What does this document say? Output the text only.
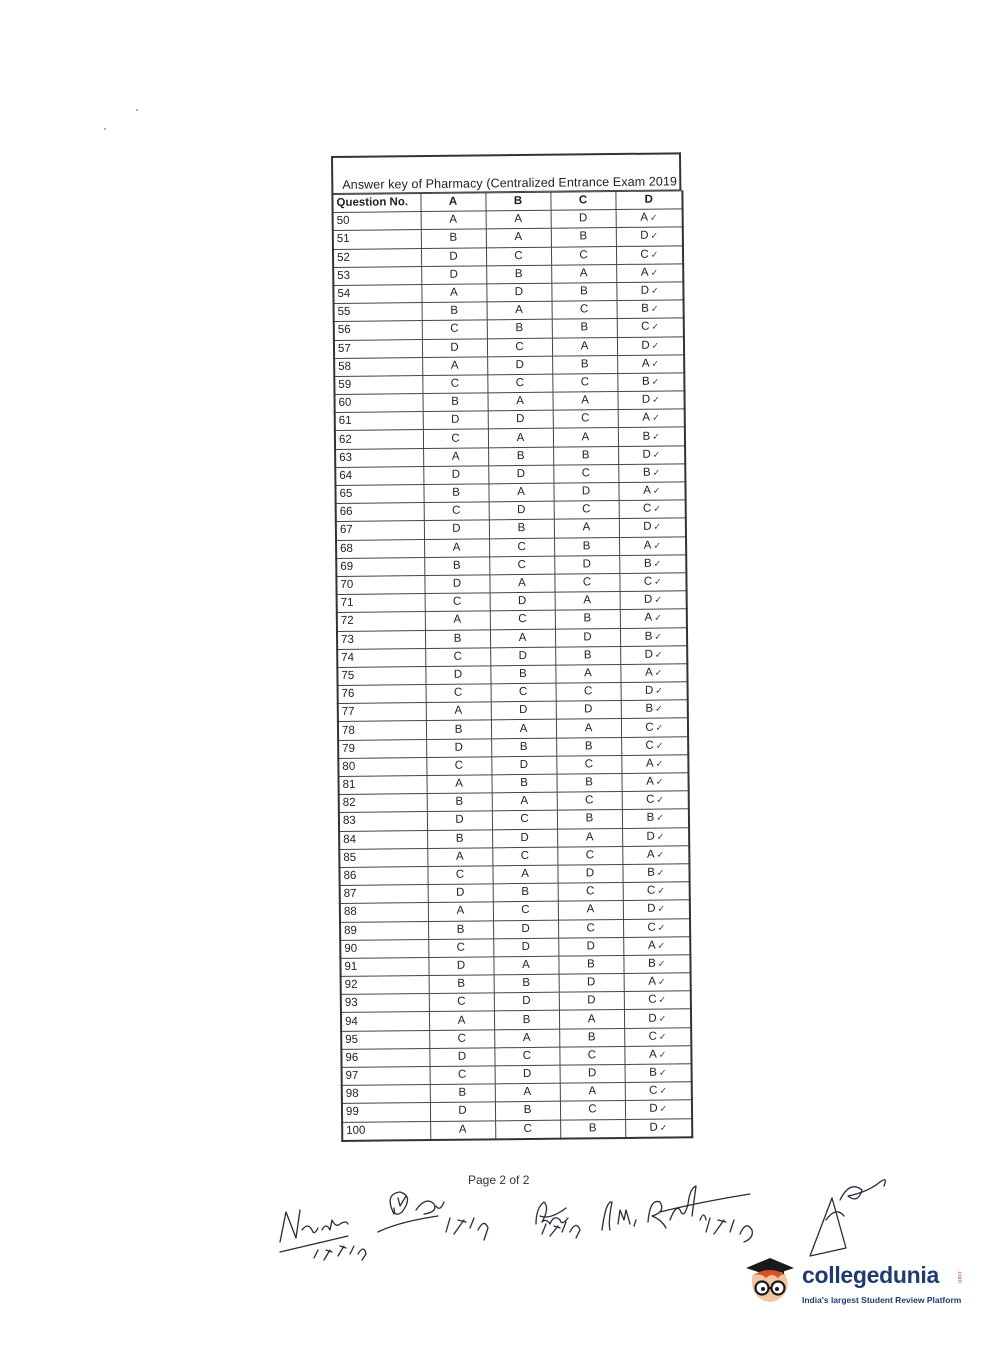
Answer key of Pharmacy (Centralized Entrance Exam 2019
Question No.	A	B	C	D
50	A	A	D	A ✓
51	B	A	B	D ✓
52	D	C	C	C ✓
53	D	B	A	A ✓
54	A	D	B	D ✓
55	B	A	C	B ✓
56	C	B	B	C ✓
57	D	C	A	D ✓
58	A	D	B	A ✓
59	C	C	C	B ✓
60	B	A	A	D ✓
61	D	D	C	A ✓
62	C	A	A	B ✓
63	A	B	B	D ✓
64	D	D	C	B ✓
65	B	A	D	A ✓
66	C	D	C	C ✓
67	D	B	A	D ✓
68	A	C	B	A ✓
69	B	C	D	B ✓
70	D	A	C	C ✓
71	C	D	A	D ✓
72	A	C	B	A ✓
73	B	A	D	B ✓
74	C	D	B	D ✓
75	D	B	A	A ✓
76	C	C	C	D ✓
77	A	D	D	B ✓
78	B	A	A	C ✓
79	D	B	B	C ✓
80	C	D	C	A ✓
81	A	B	B	A ✓
82	B	A	C	C ✓
83	D	C	B	B ✓
84	B	D	A	D ✓
85	A	C	C	A ✓
86	C	A	D	B ✓
87	D	B	C	C ✓
88	A	C	A	D ✓
89	B	D	C	C ✓
90	C	D	D	A ✓
91	D	A	B	B ✓
92	B	B	D	A ✓
93	C	D	D	C ✓
94	A	B	A	D ✓
95	C	A	B	C ✓
96	D	C	C	A ✓
97	C	D	D	B ✓
98	B	A	A	C ✓
99	D	B	C	D ✓
100	A	C	B	D ✓
Page 2 of 2
collegedunia	.com
India's largest Student Review Platform
